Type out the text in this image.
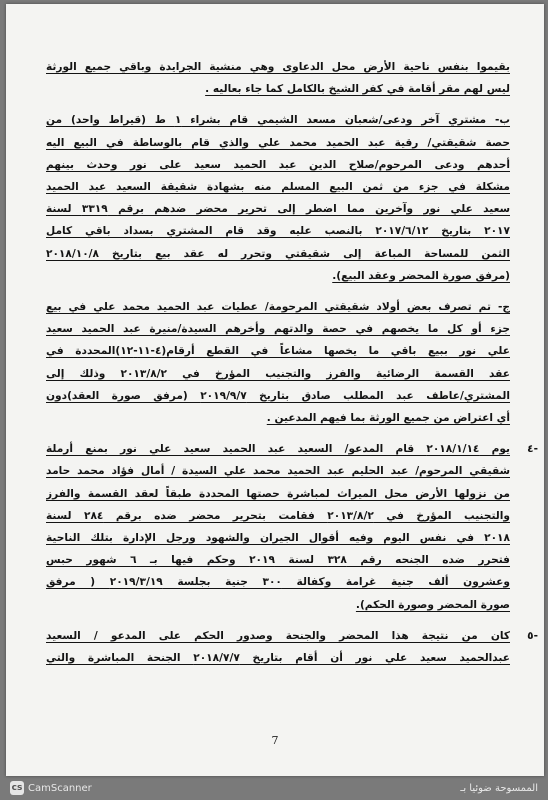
بقيموا بنفس ناحية الأرض محل الدعاوى وهي منشية الجرايدة وباقي جميع الورثة
ليس لهم مقر أقامة في كفر الشيخ بالكامل كما جاء بعاليه .
ب- مشتري آخر ودعى/شعبان مسعد الشيمي قام بشراء ١ ط (قيراط واحد) من
حصة شقيقتي/ رقية عبد الحميد محمد علي والذي قام بالوساطة في البيع اليه
أحدهم ودعى المرحوم/صلاح الدين عبد الحميد سعيد على نور وحدث بينهم
مشكلة في جزء من ثمن البيع المسلم منه بشهادة شقيقة السعيد عبد الحميد
سعيد علي نور وآخرين مما اضطر إلى تحرير محضر ضدهم برقم ٣٣١٩ لسنة
٢٠١٧ بتاريخ ٢٠١٧/٦/١٢ بالنصب عليه وقد قام المشتري بسداد باقي كامل
الثمن للمساحة المباعة إلى شقيقتي وتحرر له عقد بيع بتاريخ ٢٠١٨/١٠/٨
(مرفق صورة المحضر وعقد البيع).
ج- تم تصرف بعض أولاد شقيقتي المرحومة/ عطيات عبد الحميد محمد علي في بيع
جزء أو كل ما يخصهم في حصة والدتهم وأخرهم السيدة/منيرة عبد الحميد سعيد
علي نور ببيع باقي ما يخصها مشاعاً في القطع أرقام(٤-١١-١٢)المحددة في
عقد القسمة الرضائية والفرز والتجنيب المؤرخ في ٢٠١٣/٨/٢ وذلك إلى
المشتري/عاطف عبد المطلب صادق بتاريخ ٢٠١٩/٩/٧ (مرفق صورة العقد)دون
أي اعتراض من جميع الورثة بما فيهم المدعين .
-٤
يوم ٢٠١٨/١/١٤ قام المدعو/ السعيد عبد الحميد سعيد علي نور بمنع أرملة
شقيقي المرحوم/ عبد الحليم عبد الحميد محمد علي السيدة / أمال فؤاد محمد حامد
من نزولها الأرض محل الميراث لمباشرة حصتها المحددة طبقاً لعقد القسمة والفرز
والتجنيب المؤرخ في ٢٠١٣/٨/٢ فقامت بتحرير محضر ضده برقم ٢٨٤ لسنة
٢٠١٨ في نفس اليوم وفيه أقوال الجيران والشهود ورجل الإدارة بتلك الناحية
فتحرر ضده الجنحه رقم ٣٢٨ لسنة ٢٠١٩ وحكم فيها بـ ٦ شهور حبس
وعشرون ألف جنية غرامة وكفالة ٣٠٠ جنية بجلسة ٢٠١٩/٣/١٩ ( مرفق
صورة المحضر وصورة الحكم).
-٥
كان من نتيجة هذا المحضر والجنحة وصدور الحكم على المدعو / السعيد
عبدالحميد سعيد علي نور أن أقام بتاريخ ٢٠١٨/٧/٧ الجنحة المباشرة والتي
7
cs CamScanner	الممسوحة ضوئيا بـ
